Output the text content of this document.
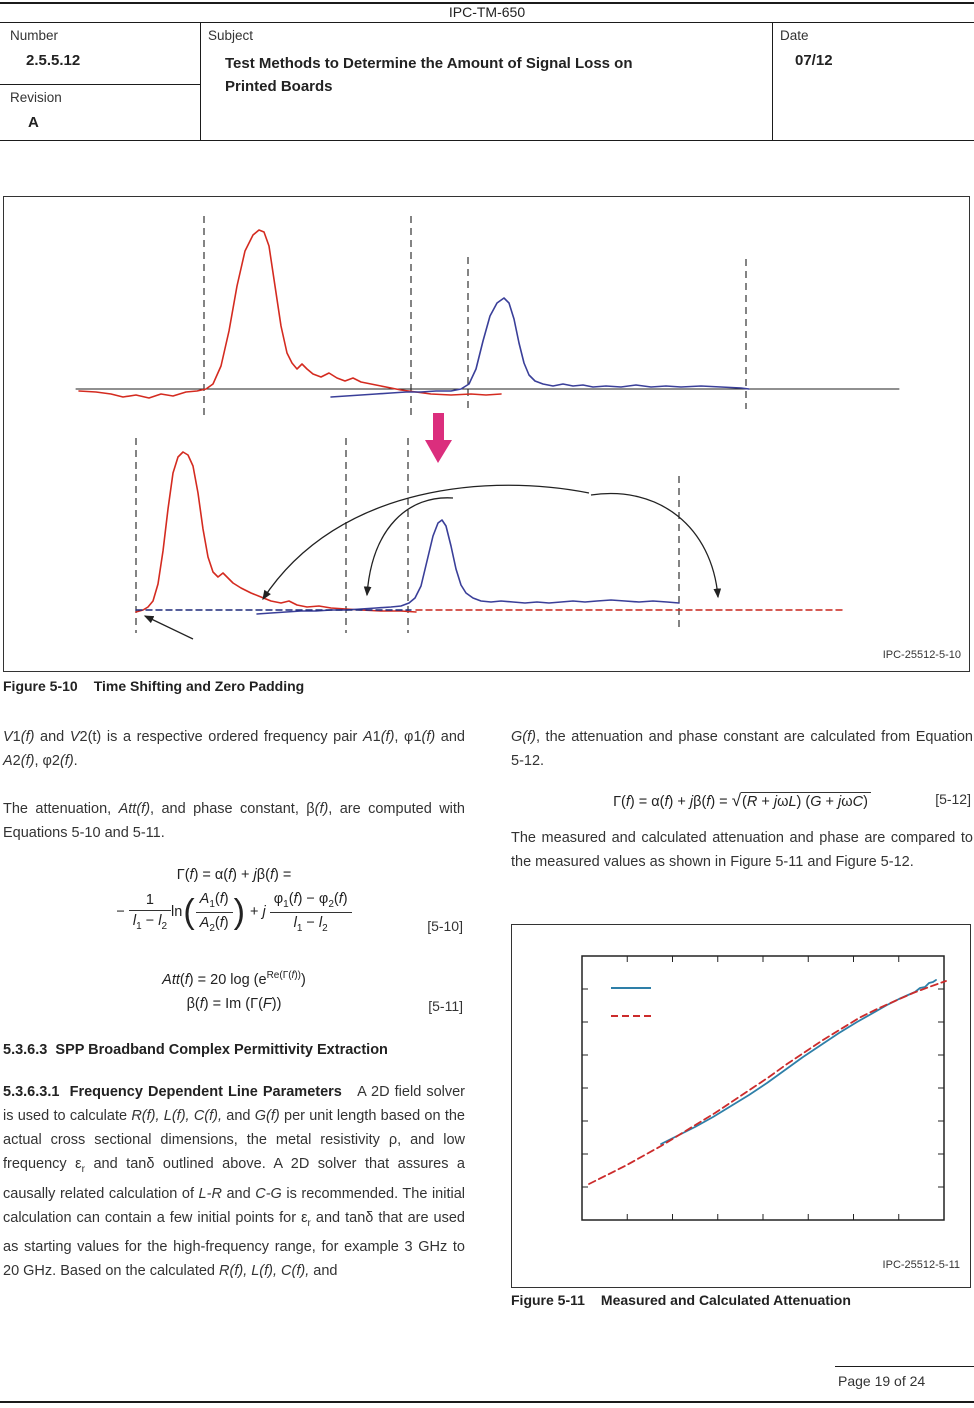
IPC-TM-650
Number
2.5.5.12
Revision
A
Subject
Test Methods to Determine the Amount of Signal Loss on
Printed Boards
Date
07/12
IPC-25512-5-10
Figure 5-10 Time Shifting and Zero Padding

V1(f) and V2(t) is a respective ordered frequency pair A1(f), φ1(f) and A2(f), φ2(f).

The attenuation, Att(f), and phase constant, β(f), are computed with Equations 5-10 and 5-11.

Γ(f) = α(f) + jβ(f) =
− $\frac{1}{l_1 - l_2} \ln( \frac{A_1(f)}{A_2(f)}$ ) + j $\frac{\varphi_1(f) - \varphi_2(f)}{l_1 - l_2}$	[5-10]
Att(f) = 20 $\log (e^{Re(\Gamma(f))})$
β(f) = Im (Γ(F))	[5-11]

5.3.6.3  SPP Broadband Complex Permittivity Extraction

5.3.6.3.1  Frequency Dependent Line Parameters   A 2D field solver is used to calculate R(f), L(f), C(f), and G(f) per unit length based on the actual cross sectional dimensions, the metal resistivity ρ, and low frequency $\varepsilon_r$ and tanδ outlined above. A 2D solver that assures a causally related calculation of L-R and C-G is recommended. The initial calculation can contain a few initial points for $\varepsilon_r$ and tanδ that are used as starting values for the high-frequency range, for example 3 GHz to 20 GHz. Based on the calculated R(f), L(f), C(f), and

G(f), the attenuation and phase constant are calculated from Equation 5-12.

Γ(f) = α(f) + jβ(f) = √(R + jωL) (G + jωC)	[5-12]

The measured and calculated attenuation and phase are compared to the measured values as shown in Figure 5-11 and Figure 5-12.

IPC-25512-5-11
Figure 5-11 Measured and Calculated Attenuation
Page 19 of 24
